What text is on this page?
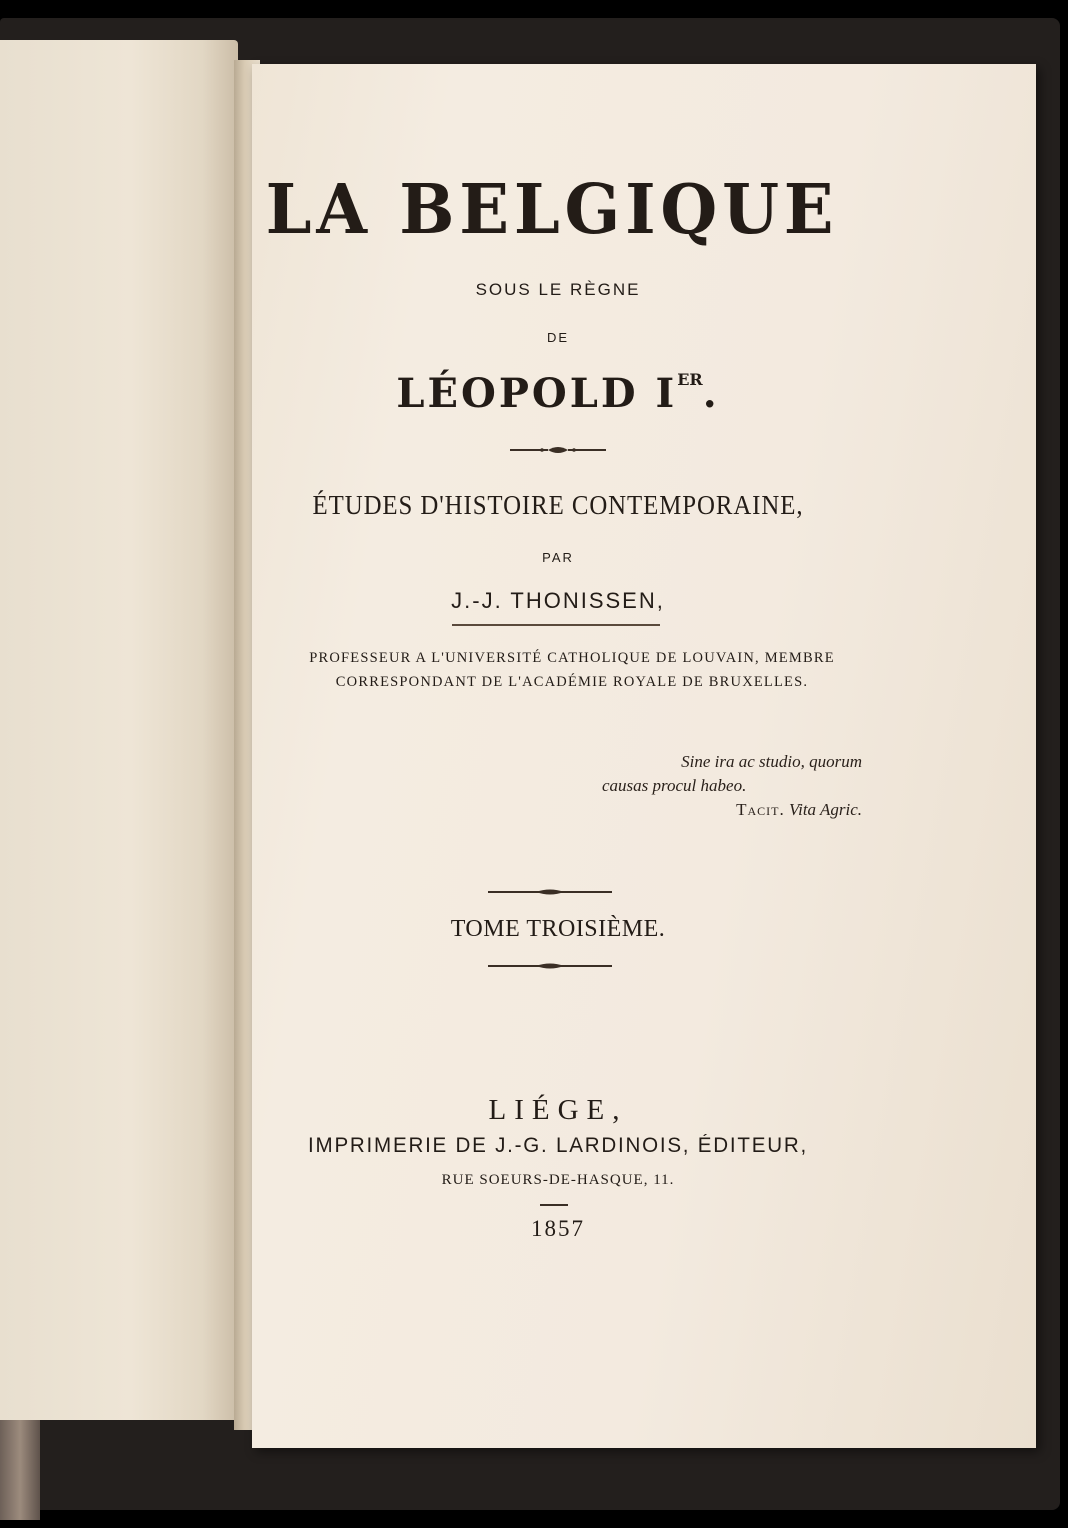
LA BELGIQUE
SOUS LE RÈGNE
DE
LÉOPOLD IER.
ÉTUDES D'HISTOIRE CONTEMPORAINE,
PAR
J.-J. THONISSEN,
PROFESSEUR A L'UNIVERSITÉ CATHOLIQUE DE LOUVAIN, MEMBRE
CORRESPONDANT DE L'ACADÉMIE ROYALE DE BRUXELLES.
Sine ira ac studio, quorum
causas procul habeo.
Tacit. Vita Agric.
TOME TROISIÈME.
LIÉGE,
IMPRIMERIE DE J.-G. LARDINOIS, ÉDITEUR,
RUE SOEURS-DE-HASQUE, 11.
1857
